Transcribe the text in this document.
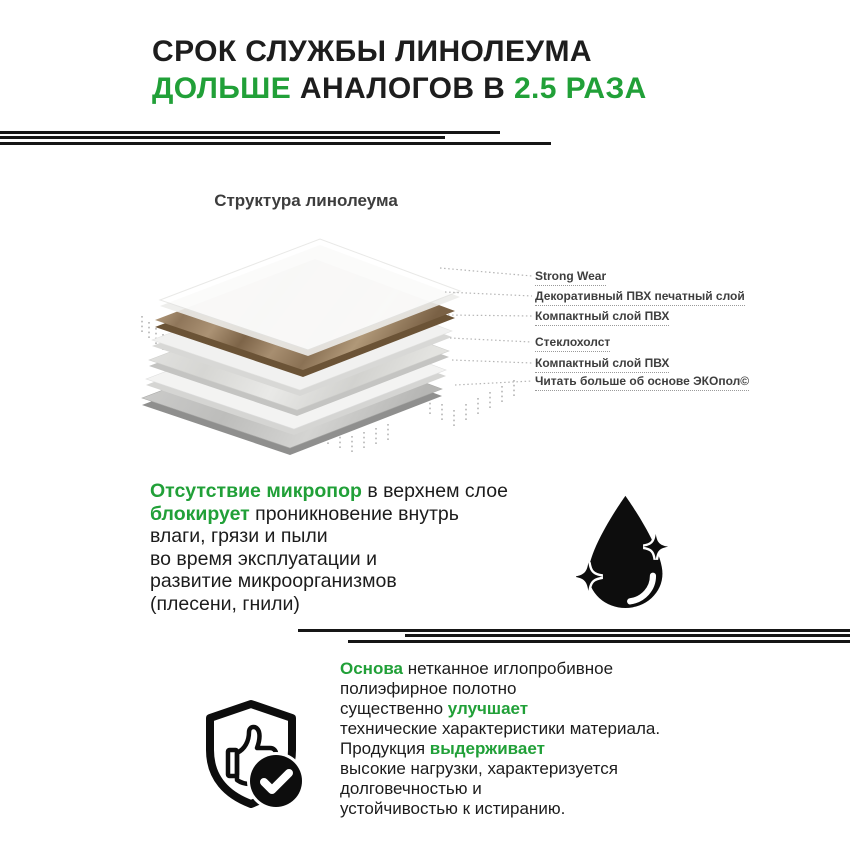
СРОК СЛУЖБЫ ЛИНОЛЕУМА
ДОЛЬШЕ АНАЛОГОВ В 2.5 РАЗА
Структура линолеума
Strong Wear
Декоративный ПВХ печатный слой
Компактный слой ПВХ
Стеклохолст
Компактный слой ПВХ
Читать больше об основе ЭКОпол©
Отсутствие микропор в верхнем слое
блокирует проникновение внутрь
влаги, грязи и пыли
во время эксплуатации и
развитие микроорганизмов
(плесени, гнили)
Основа нетканное иглопробивное
полиэфирное полотно
существенно улучшает
технические характеристики материала.
Продукция выдерживает
высокие нагрузки, характеризуется
долговечностью и
устойчивостью к истиранию.
